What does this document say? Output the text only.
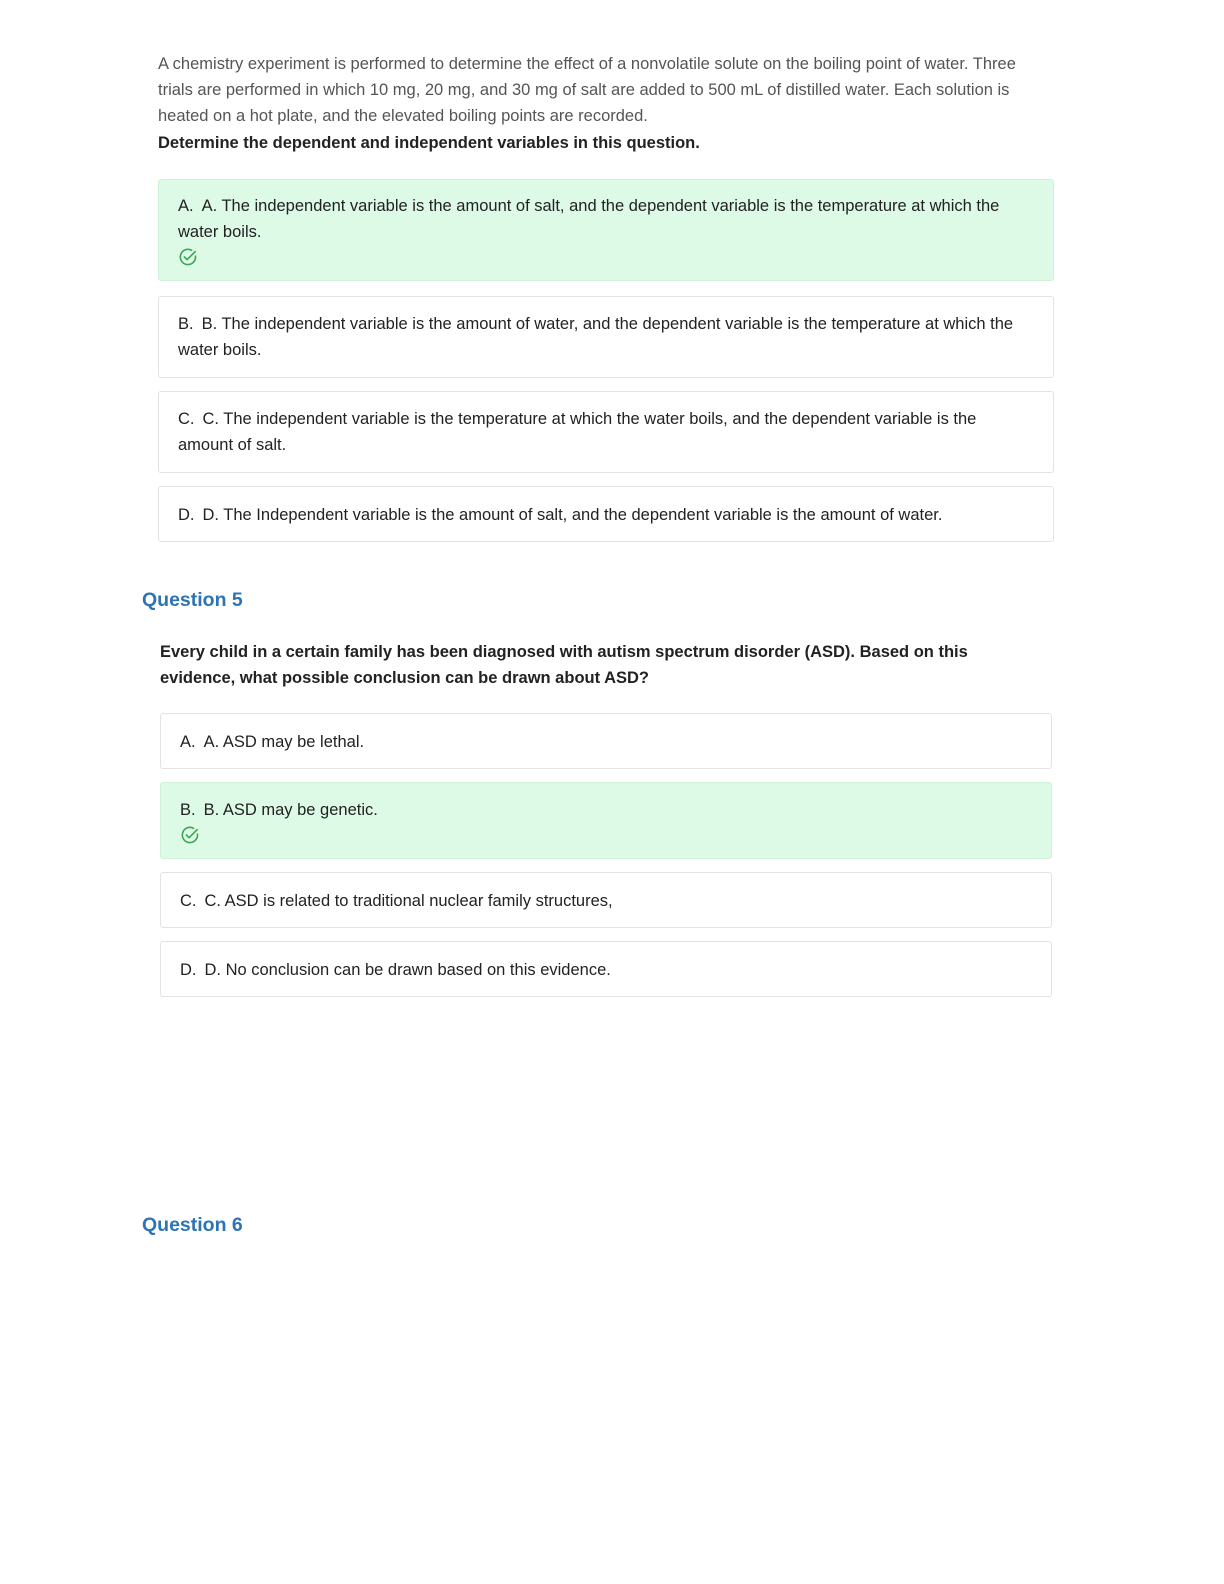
A chemistry experiment is performed to determine the effect of a nonvolatile solute on the boiling point of water. Three trials are performed in which 10 mg, 20 mg, and 30 mg of salt are added to 500 mL of distilled water. Each solution is heated on a hot plate, and the elevated boiling points are recorded.

Determine the dependent and independent variables in this question.

A. A. The independent variable is the amount of salt, and the dependent variable is the temperature at which the water boils.
B. B. The independent variable is the amount of water, and the dependent variable is the temperature at which the water boils.
C. C. The independent variable is the temperature at which the water boils, and the dependent variable is the amount of salt.
D. D. The Independent variable is the amount of salt, and the dependent variable is the amount of water.
Question 5

Every child in a certain family has been diagnosed with autism spectrum disorder (ASD). Based on this evidence, what possible conclusion can be drawn about ASD?

A. A. ASD may be lethal.
B. B. ASD may be genetic.
C. C. ASD is related to traditional nuclear family structures,
D. D. No conclusion can be drawn based on this evidence.
Question 6
